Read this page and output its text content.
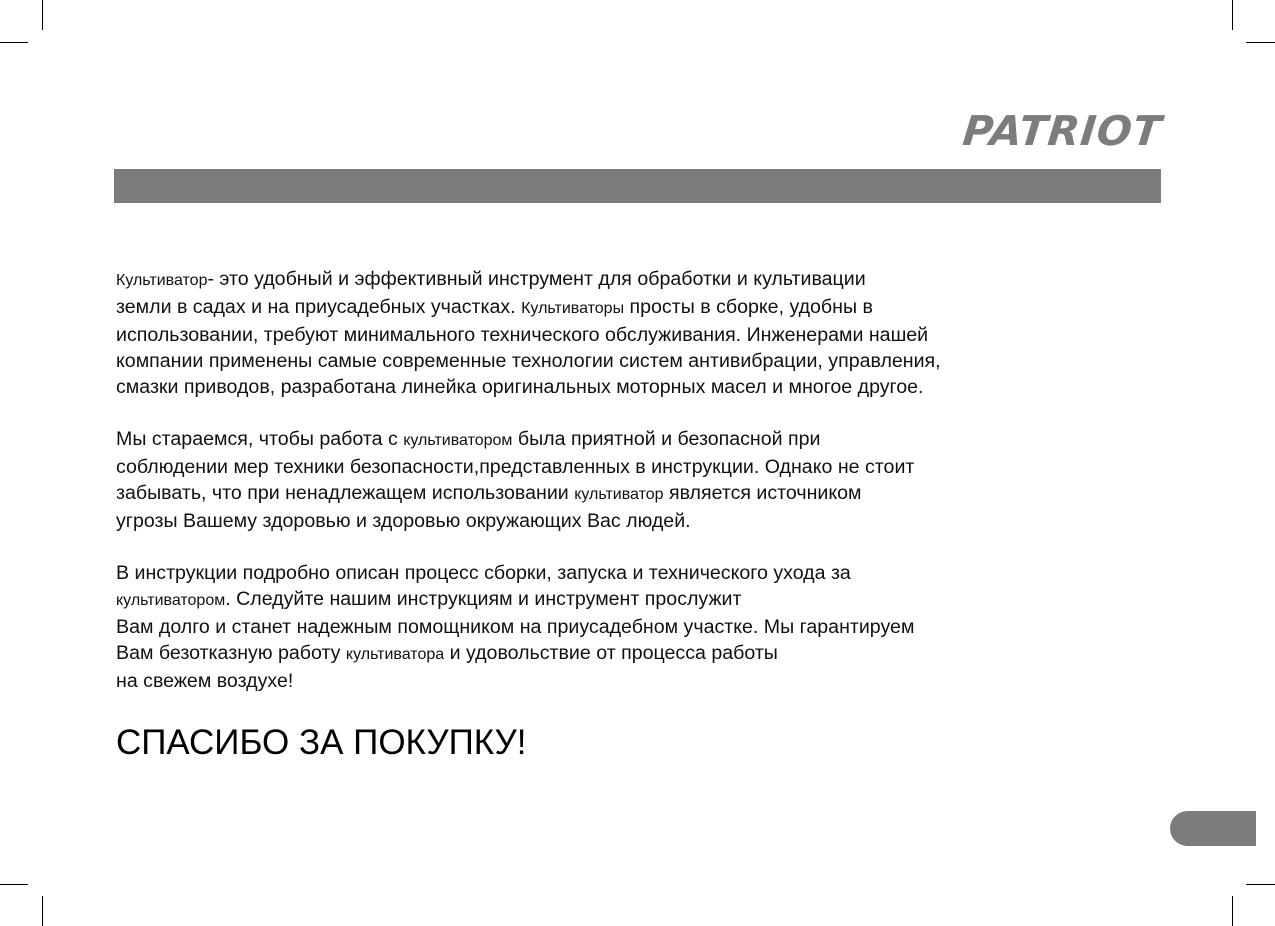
PATRIOT
Культиватор- это удобный и эффективный инструмент для обработки и культивации
земли в садах и на приусадебных участках. Культиваторы просты в сборке, удобны в
использовании, требуют минимального технического обслуживания. Инженерами нашей
компании применены самые современные технологии систем антивибрации, управления,
смазки приводов, разработана линейка оригинальных моторных масел и многое другое.
Мы стараемся, чтобы работа с культиватором была приятной и безопасной при
соблюдении мер техники безопасности,представленных в инструкции. Однако не стоит
забывать, что при ненадлежащем использовании культиватор является источником
угрозы Вашему здоровью и здоровью окружающих Вас людей.
В инструкции подробно описан процесс сборки, запуска и технического ухода за
культиватором. Следуйте нашим инструкциям и инструмент прослужит
Вам долго и станет надежным помощником на приусадебном участке. Мы гарантируем
Вам безотказную работу культиватора и удовольствие от процесса работы
на свежем воздухе!
СПАСИБО ЗА ПОКУПКУ!
